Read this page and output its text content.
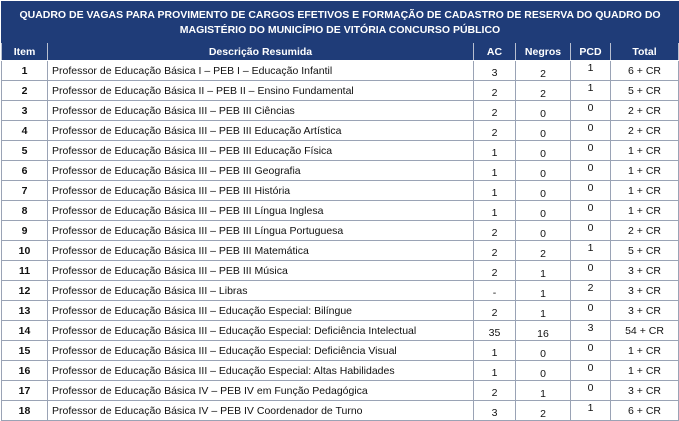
QUADRO DE VAGAS PARA PROVIMENTO DE CARGOS EFETIVOS E FORMAÇÃO DE CADASTRO DE RESERVA DO QUADRO DO MAGISTÉRIO DO MUNICÍPIO DE VITÓRIA CONCURSO PÚBLICO					
Item	Descrição Resumida	AC	Negros	PCD	Total
1	Professor de Educação Básica I – PEB I – Educação Infantil	3	2	1	6 + CR
2	Professor de Educação Básica II – PEB II – Ensino Fundamental	2	2	1	5 + CR
3	Professor de Educação Básica III – PEB III Ciências	2	0	0	2 + CR
4	Professor de Educação Básica III – PEB III Educação Artística	2	0	0	2 + CR
5	Professor de Educação Básica III – PEB III Educação Física	1	0	0	1 + CR
6	Professor de Educação Básica III – PEB III Geografia	1	0	0	1 + CR
7	Professor de Educação Básica III – PEB III História	1	0	0	1 + CR
8	Professor de Educação Básica III – PEB III Língua Inglesa	1	0	0	1 + CR
9	Professor de Educação Básica III – PEB III Língua Portuguesa	2	0	0	2 + CR
10	Professor de Educação Básica III – PEB III Matemática	2	2	1	5 + CR
11	Professor de Educação Básica III – PEB III Música	2	1	0	3 + CR
12	Professor de Educação Básica III – Libras	-	1	2	3 + CR
13	Professor de Educação Básica III – Educação Especial: Bilíngue	2	1	0	3 + CR
14	Professor de Educação Básica III – Educação Especial: Deficiência Intelectual	35	16	3	54 + CR
15	Professor de Educação Básica III – Educação Especial: Deficiência Visual	1	0	0	1 + CR
16	Professor de Educação Básica III – Educação Especial: Altas Habilidades	1	0	0	1 + CR
17	Professor de Educação Básica IV – PEB IV em Função Pedagógica	2	1	0	3 + CR
18	Professor de Educação Básica IV – PEB IV Coordenador de Turno	3	2	1	6 + CR
